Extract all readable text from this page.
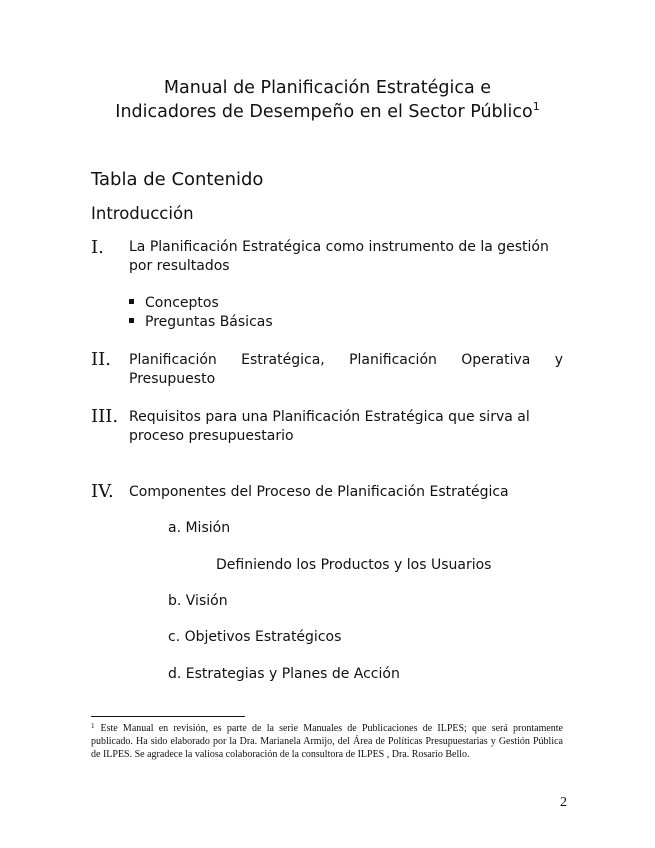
Manual de Planificación Estratégica e
Indicadores de Desempeño en el Sector Público$^1$
Tabla de Contenido
Introducción
I. La Planificación Estratégica como instrumento de la gestión por resultados
Conceptos
Preguntas Básicas
II. Planificación Estratégica, Planificación Operativa y
Presupuesto
III. Requisitos para una Planificación Estratégica que sirva al proceso presupuestario
IV. Componentes del Proceso de Planificación Estratégica
a. Misión
Definiendo los Productos y los Usuarios
b. Visión
c. Objetivos Estratégicos
d. Estrategias y Planes de Acción
$^1$ Este Manual en revisión, es parte de la serie Manuales de Publicaciones de ILPES; que será prontamente publicado. Ha sido elaborado por la Dra. Marianela Armijo, del Área de Políticas Presupuestarias y Gestión Pública de ILPES. Se agradece la valiosa colaboración de la consultora de ILPES , Dra. Rosario Bello.
2
